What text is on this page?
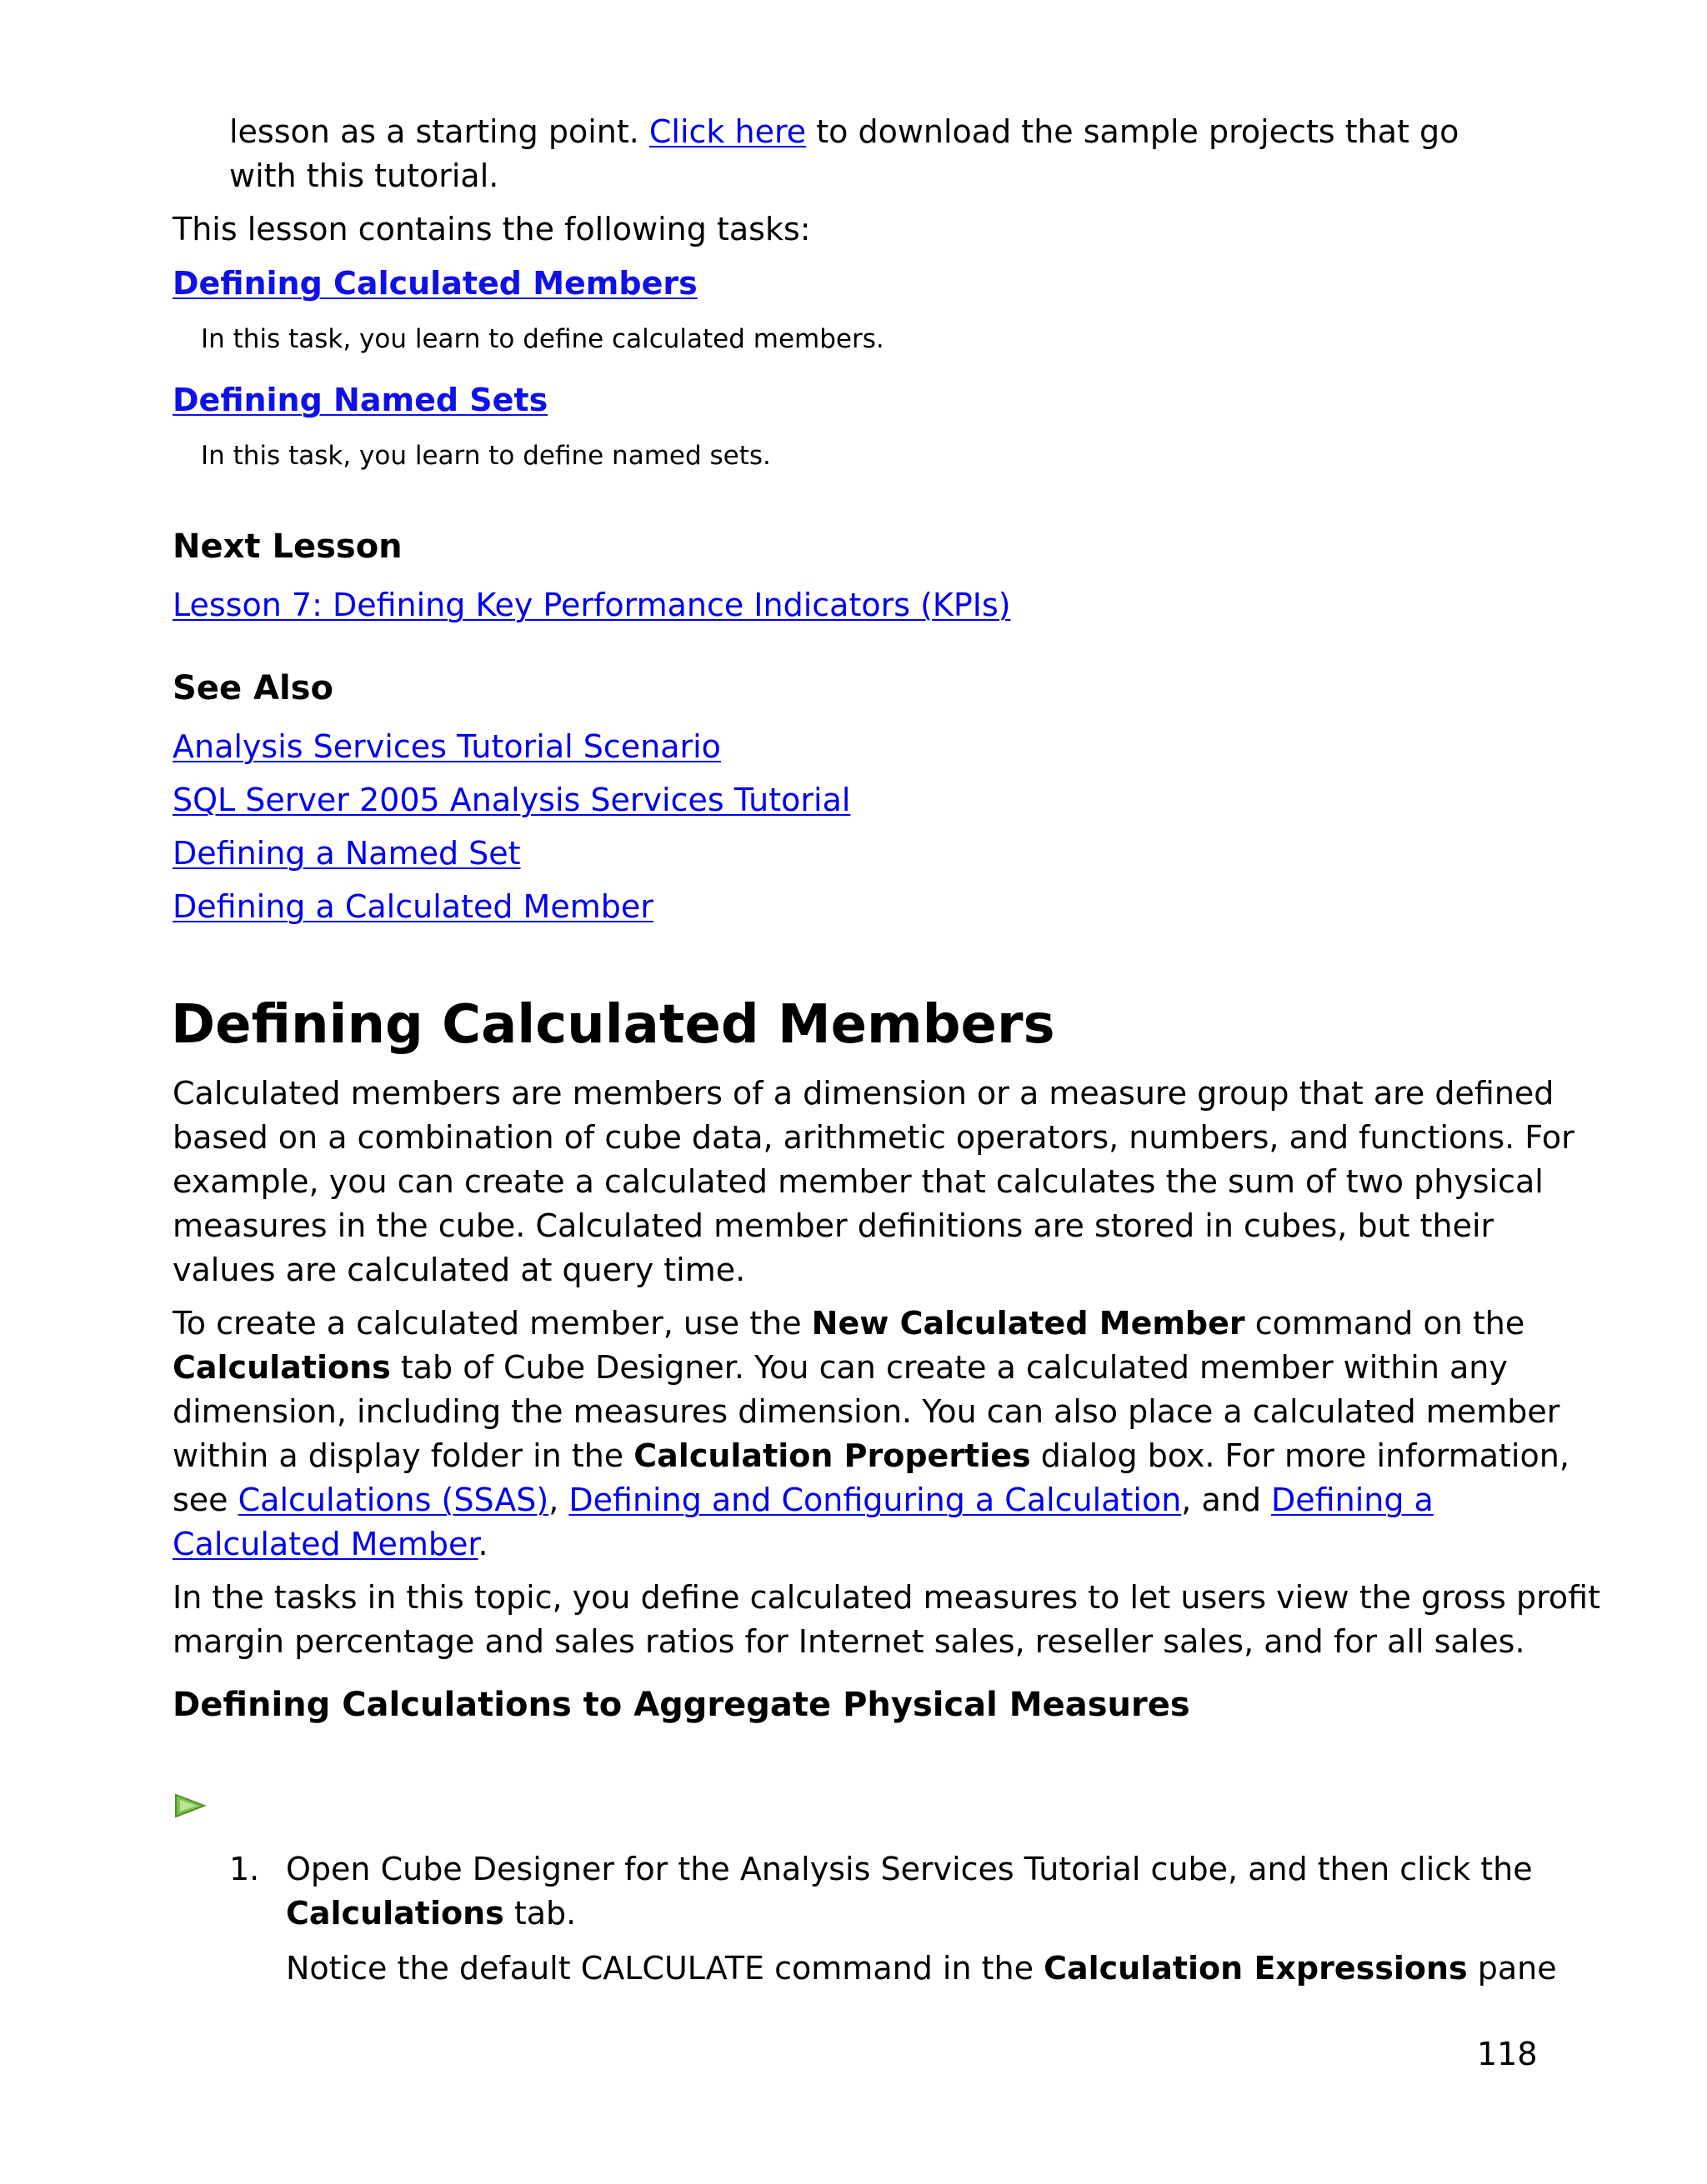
lesson as a starting point. Click here to download the sample projects that go

with this tutorial.

This lesson contains the following tasks:

Defining Calculated Members

In this task, you learn to define calculated members.

Defining Named Sets

In this task, you learn to define named sets.

Next Lesson

Lesson 7: Defining Key Performance Indicators (KPIs)

See Also

Analysis Services Tutorial Scenario
SQL Server 2005 Analysis Services Tutorial
Defining a Named Set
Defining a Calculated Member
Defining Calculated Members

Calculated members are members of a dimension or a measure group that are defined

based on a combination of cube data, arithmetic operators, numbers, and functions. For

example, you can create a calculated member that calculates the sum of two physical

measures in the cube. Calculated member definitions are stored in cubes, but their

values are calculated at query time.

To create a calculated member, use the New Calculated Member command on the

Calculations tab of Cube Designer. You can create a calculated member within any

dimension, including the measures dimension. You can also place a calculated member

within a display folder in the Calculation Properties dialog box. For more information,

see Calculations (SSAS), Defining and Configuring a Calculation, and Defining a

Calculated Member.

In the tasks in this topic, you define calculated measures to let users view the gross profit

margin percentage and sales ratios for Internet sales, reseller sales, and for all sales.

Defining Calculations to Aggregate Physical Measures

1. Open Cube Designer for the Analysis Services Tutorial cube, and then click the

Calculations tab.

Notice the default CALCULATE command in the Calculation Expressions pane

118
